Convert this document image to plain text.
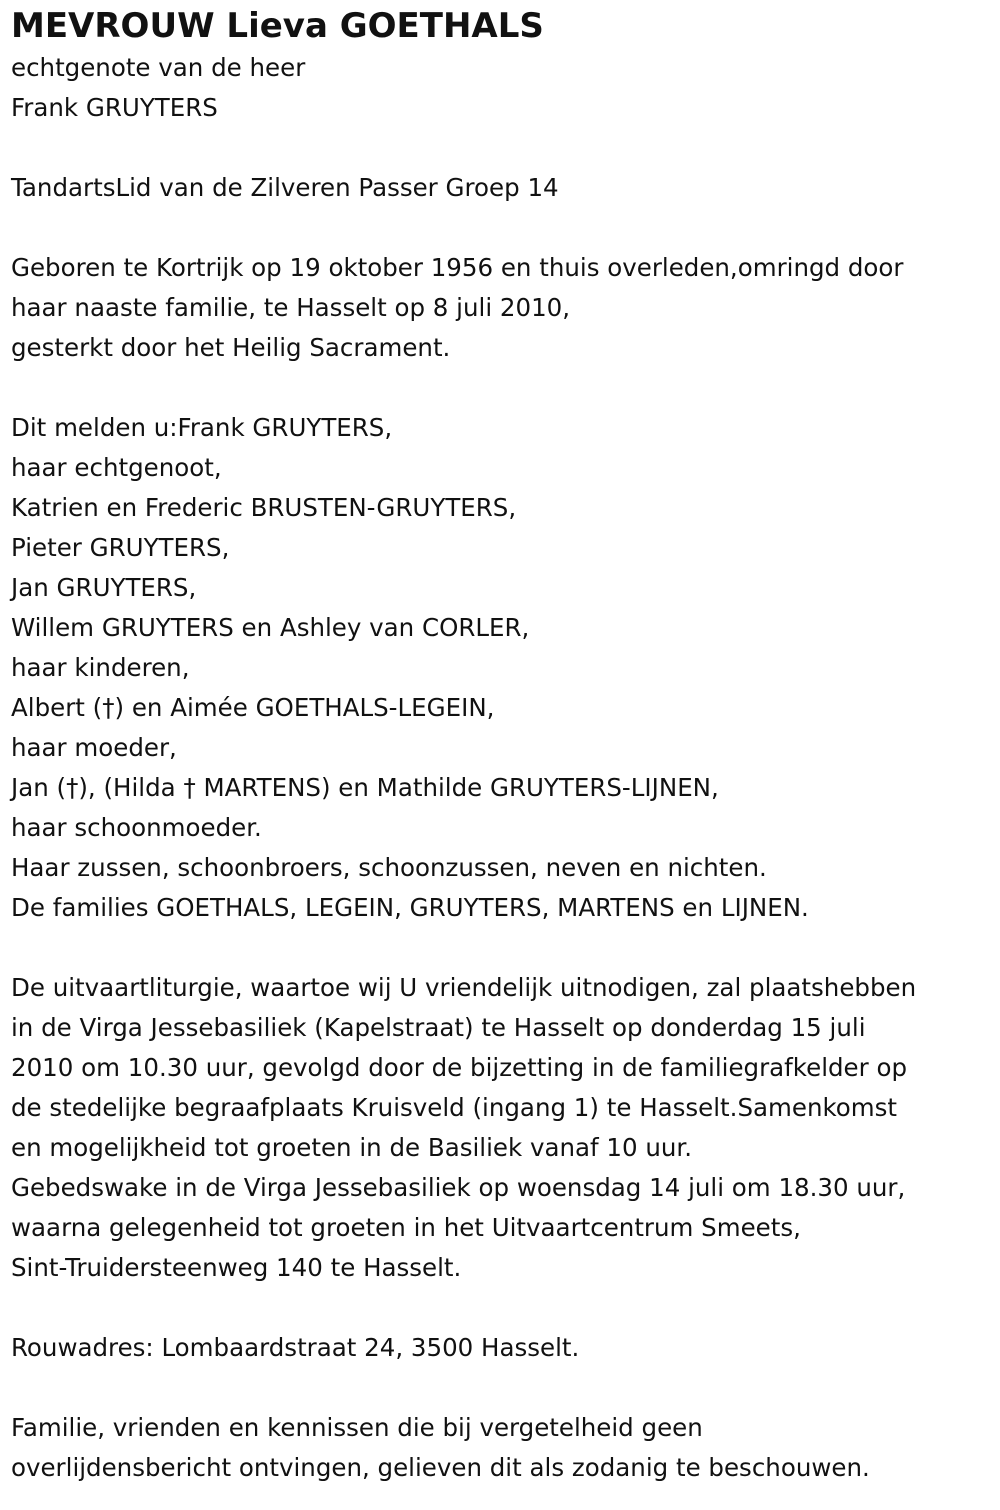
MEVROUW Lieva GOETHALS
echtgenote van de heer
Frank GRUYTERS
TandartsLid van de Zilveren Passer Groep 14
Geboren te Kortrijk op 19 oktober 1956 en thuis overleden,omringd door
haar naaste familie, te Hasselt op 8 juli 2010,
gesterkt door het Heilig Sacrament.
Dit melden u:Frank GRUYTERS,
haar echtgenoot,
Katrien en Frederic BRUSTEN-GRUYTERS,
Pieter GRUYTERS,
Jan GRUYTERS,
Willem GRUYTERS en Ashley van CORLER,
haar kinderen,
Albert (†) en Aimée GOETHALS-LEGEIN,
haar moeder,
Jan (†), (Hilda † MARTENS) en Mathilde GRUYTERS-LIJNEN,
haar schoonmoeder.
Haar zussen, schoonbroers, schoonzussen, neven en nichten.
De families GOETHALS, LEGEIN, GRUYTERS, MARTENS en LIJNEN.
De uitvaartliturgie, waartoe wij U vriendelijk uitnodigen, zal plaatshebben
in de Virga Jessebasiliek (Kapelstraat) te Hasselt op donderdag 15 juli
2010 om 10.30 uur, gevolgd door de bijzetting in de familiegrafkelder op
de stedelijke begraafplaats Kruisveld (ingang 1) te Hasselt.Samenkomst
en mogelijkheid tot groeten in de Basiliek vanaf 10 uur.
Gebedswake in de Virga Jessebasiliek op woensdag 14 juli om 18.30 uur,
waarna gelegenheid tot groeten in het Uitvaartcentrum Smeets,
Sint-Truidersteenweg 140 te Hasselt.
Rouwadres: Lombaardstraat 24, 3500 Hasselt.
Familie, vrienden en kennissen die bij vergetelheid geen
overlijdensbericht ontvingen, gelieven dit als zodanig te beschouwen.
